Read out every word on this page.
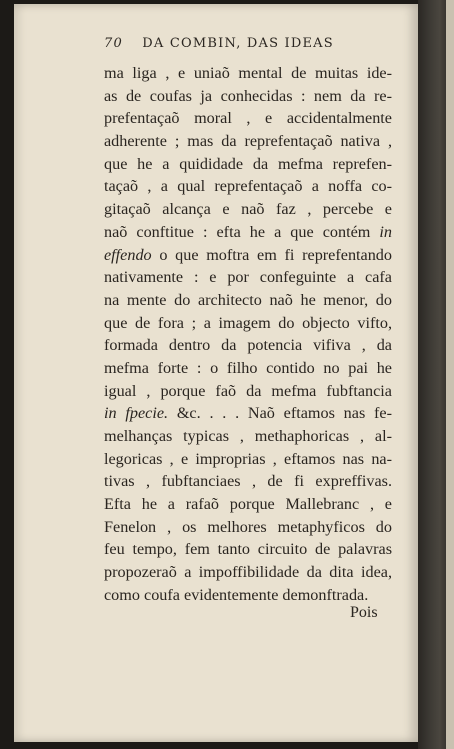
70 DA COMBIN, DAS IDEAS
ma liga , e uniaõ mental de muitas ide-
as de coufas ja conhecidas : nem da re-
prefentaçaõ moral , e accidentalmente
adherente ; mas da reprefentaçaõ nativa ,
que he a quididade da mefma reprefen-
taçaõ , a qual reprefentaçaõ a noffa co-
gitaçaõ alcança e naõ faz , percebe e
naõ conftitue : efta he a que contém in
effendo o que moftra em fi reprefentando
nativamente : e por confeguinte a cafa
na mente do architecto naõ he menor, do
que de fora ; a imagem do objecto vifto,
formada dentro da potencia vifiva , da
mefma forte : o filho contido no pai he
igual , porque faõ da mefma fubftancia
in fpecie. &c. . . . Naõ eftamos nas fe-
melhanças typicas , methaphoricas , al-
legoricas , e improprias , eftamos nas na-
tivas , fubftanciaes , de fi expreffivas.
Efta he a rafaõ porque Mallebranc , e
Fenelon , os melhores metaphyficos do
feu tempo, fem tanto circuito de palavras
propozeraõ a impoffibilidade da dita idea,
como coufa evidentemente demonftrada.
Pois
